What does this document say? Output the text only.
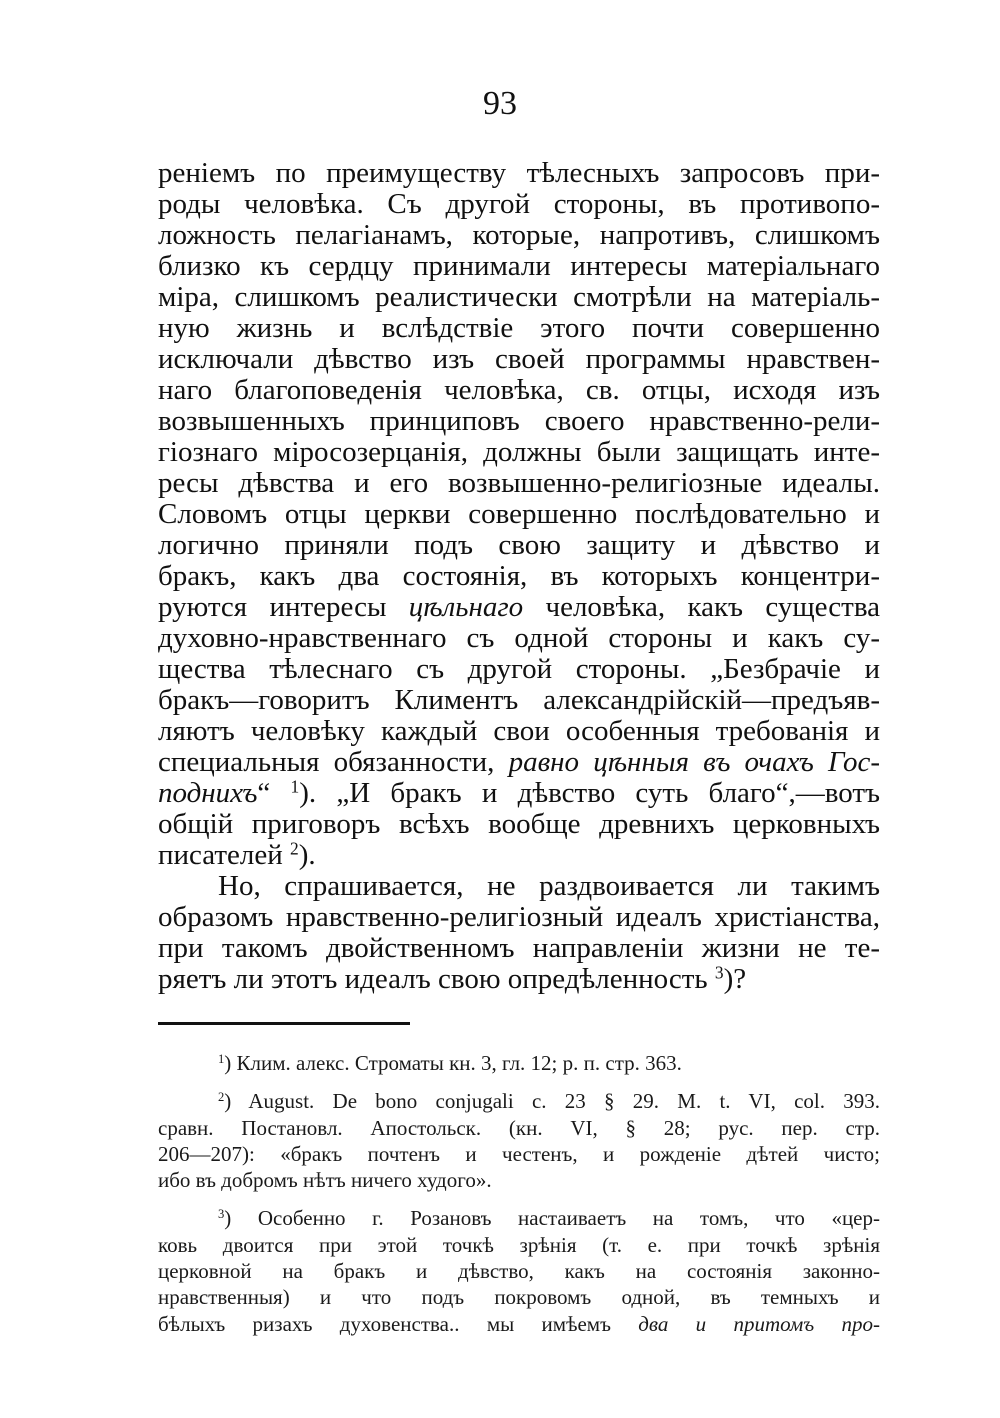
93
реніемъ по преимуществу тѣлесныхъ запросовъ при-
роды человѣка. Съ другой стороны, въ противопо-
ложность пелагіанамъ, которые, напротивъ, слишкомъ
близко къ сердцу принимали интересы матеріальнаго
міра, слишкомъ реалистически смотрѣли на матеріаль-
ную жизнь и вслѣдствіе этого почти совершенно
исключали дѣвство изъ своей программы нравствен-
наго благоповеденія человѣка, св. отцы, исходя изъ
возвышенныхъ принциповъ своего нравственно-рели-
гіознаго міросозерцанія, должны были защищать инте-
ресы дѣвства и его возвышенно-религіозные идеалы.
Словомъ отцы церкви совершенно послѣдовательно и
логично приняли подъ свою защиту и дѣвство и
бракъ, какъ два состоянія, въ которыхъ концентри-
руются интересы цѣльнаго человѣка, какъ существа
духовно-нравственнаго съ одной стороны и какъ су-
щества тѣлеснаго съ другой стороны. „Безбрачіе и
бракъ—говоритъ Климентъ александрійскій—предъяв-
ляютъ человѣку каждый свои особенныя требованія и
специальныя обязанности, равно цѣнныя въ очахъ Гос-
поднихъ“ $^1$). „И бракъ и дѣвство суть благо“,—вотъ
общій приговоръ всѣхъ вообще древнихъ церковныхъ
писателей $^2$).
Но, спрашивается, не раздвоивается ли такимъ
образомъ нравственно-религіозный идеалъ христіанства,
при такомъ двойственномъ направленіи жизни не те-
ряетъ ли этотъ идеалъ свою опредѣленность $^3$)?
$^1$) Клим. алекс. Строматы кн. 3, гл. 12; р. п. стр. 363.
$^2$) August. De bono conjugali c. 23 § 29. M. t. VI, col. 393.
сравн. Постановл. Апостольск. (кн. VI, § 28; рус. пер. стр.
206—207): «бракъ почтенъ и честенъ, и рожденіе дѣтей чисто;
ибо въ добромъ нѣтъ ничего худого».
$^3$) Особенно г. Розановъ настаиваетъ на томъ, что «цер-
ковь двоится при этой точкѣ зрѣнія (т. е. при точкѣ зрѣнія
церковной на бракъ и дѣвство, какъ на состоянія законно-
нравственныя) и что подъ покровомъ одной, въ темныхъ и
бѣлыхъ ризахъ духовенства.. мы имѣемъ два и притомъ про-
